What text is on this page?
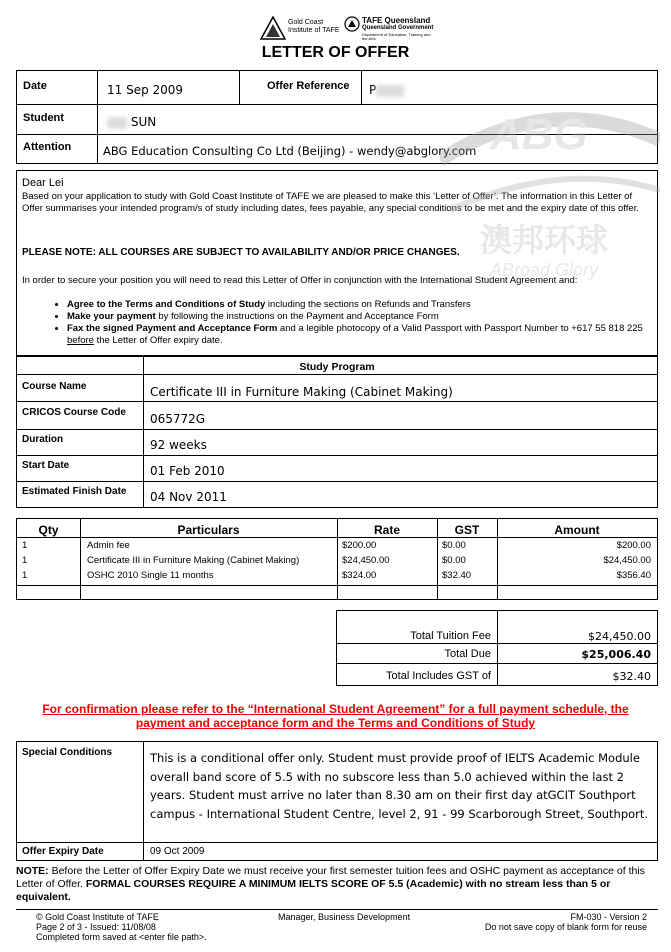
Gold Coast
Institute of TAFE
TAFE Queensland
Queensland Government
Department of Education, Training and the Arts
LETTER OF OFFER
Date	11 Sep 2009	Offer Reference P
Student	SUN
Attention	ABG Education Consulting Co Ltd (Beijing) - wendy@abglory.com
Dear Lei
Based on your application to study with Gold Coast Institute of TAFE we are pleased to make this ‘Letter of Offer’. The information in this Letter of Offer summarises your intended program/s of study including dates, fees payable, any special conditions to be met and the expiry date of this offer.
PLEASE NOTE: ALL COURSES ARE SUBJECT TO AVAILABILITY AND/OR PRICE CHANGES.
In order to secure your position you will need to read this Letter of Offer in conjunction with the International Student Agreement and:
• Agree to the Terms and Conditions of Study including the sections on Refunds and Transfers
• Make your payment by following the instructions on the Payment and Acceptance Form
• Fax the signed Payment and Acceptance Form and a legible photocopy of a Valid Passport with Passport Number to +617 55 818 225 before the Letter of Offer expiry date.
Study Program
Course Name	Certificate III in Furniture Making (Cabinet Making)
CRICOS Course Code 065772G
Duration	92 weeks
Start Date	01 Feb 2010
Estimated Finish Date 04 Nov 2011
Qty	Particulars	Rate	GST	Amount
1	Admin fee	$200.00	$0.00	$200.00
1	Certificate III in Furniture Making (Cabinet Making)	$24,450.00	$0.00	$24,450.00
1	OSHC 2010 Single 11 months	$324.00	$32.40	$356.40
Total Tuition Fee	$24,450.00
Total Due	$25,006.40
Total Includes GST of	$32.40
For confirmation please refer to the “International Student Agreement” for a full payment schedule, the
payment and acceptance form and the Terms and Conditions of Study
Special Conditions	This is a conditional offer only. Student must provide proof of IELTS Academic Module overall band score of 5.5 with no subscore less than 5.0 achieved within the last 2 years. Student must arrive no later than 8.30 am on their first day atGCIT Southport campus - International Student Centre, level 2, 91 - 99 Scarborough Street, Southport.
Offer Expiry Date	09 Oct 2009
NOTE: Before the Letter of Offer Expiry Date we must receive your first semester tuition fees and OSHC payment as acceptance of this Letter of Offer. FORMAL COURSES REQUIRE A MINIMUM IELTS SCORE OF 5.5 (Academic) with no stream less than 5 or equivalent.
© Gold Coast Institute of TAFE
Page 2 of 3 - Issued: 11/08/08
Completed form saved at <enter file path>.
Manager, Business Development	FM-030 - Version 2
Do not save copy of blank form for reuse
ABG
澳邦环球
ABroad Glory
